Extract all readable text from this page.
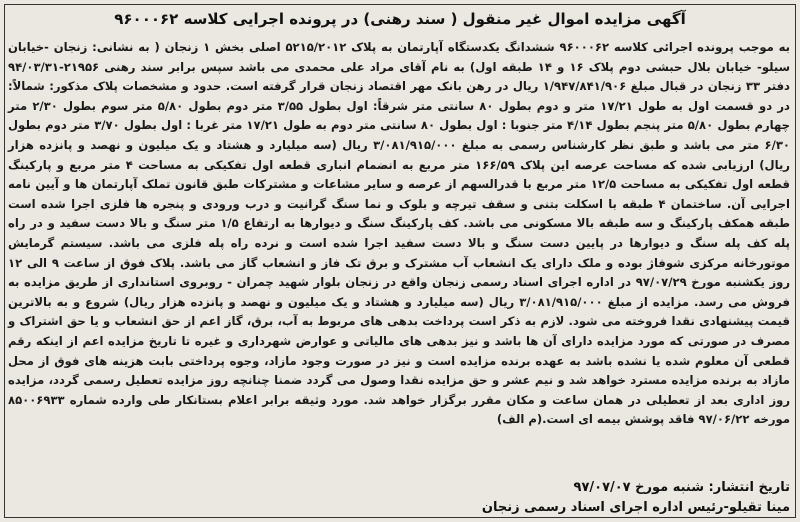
آگهی مزایده اموال غیر منقول ( سند رهنی) در پرونده اجرایی کلاسه ۹۶۰۰۰۶۲

به موجب پرونده اجرائی کلاسه ۹۶۰۰۰۶۲ ششدانگ یکدستگاه آپارتمان به پلاک ۵۲۱۵/۲۰۱۲ اصلی بخش ۱ زنجان ( به نشانی: زنجان -خیابان سیلو- خیابان بلال حبشی دوم پلاک ۱۶ و ۱۴ طبقه اول) به نام آقای مراد علی محمدی می باشد سپس برابر سند رهنی ۲۱۹۵۶-۹۴/۰۳/۳۱ دفتر ۳۳ زنجان در قبال مبلغ ۱/۹۴۷/۸۴۱/۹۰۶ ریال در رهن بانک مهر اقتصاد زنجان قرار گرفته است. حدود و مشخصات پلاک مذکور: شمالاً: در دو قسمت اول به طول ۱۷/۲۱ متر و دوم بطول ۸۰ سانتی متر شرقاً: اول بطول ۳/۵۵ متر دوم بطول ۵/۸۰ متر سوم بطول ۲/۳۰ متر چهارم بطول ۵/۸۰ متر پنجم بطول ۴/۱۴ متر جنوبا : اول بطول ۸۰ سانتی متر دوم به طول ۱۷/۲۱ متر غربا : اول بطول ۳/۷۰ متر دوم بطول ۶/۳۰ متر می باشد و طبق نظر کارشناس رسمی به مبلغ ۳/۰۸۱/۹۱۵/۰۰۰ ریال (سه میلیارد و هشتاد و یک میلیون و نهصد و پانزده هزار ریال) ارزیابی شده که مساحت عرصه این پلاک ۱۶۶/۵۹ متر مربع به انضمام انباری قطعه اول تفکیکی به مساحت ۴ متر مربع و پارکینگ قطعه اول تفکیکی به مساحت ۱۲/۵ متر مربع با قدرالسهم از عرصه و سایر مشاعات و مشترکات طبق قانون تملک آپارتمان ها و آیین نامه اجرایی آن. ساختمان ۴ طبقه با اسکلت بتنی و سقف تیرچه و بلوک و نما سنگ گرانیت و درب ورودی و پنجره ها فلزی اجرا شده است طبقه همکف پارکینگ و سه طبقه بالا مسکونی می باشد. کف پارکینگ سنگ و دیوارها به ارتفاع ۱/۵ متر سنگ و بالا دست سفید و در راه پله کف پله سنگ و دیوارها در پایین دست سنگ و بالا دست سفید اجرا شده است و نرده راه پله فلزی می باشد. سیستم گرمایش موتورخانه مرکزی شوفاژ بوده و ملک دارای یک انشعاب آب مشترک و برق تک فاز و انشعاب گاز می باشد. پلاک فوق از ساعت ۹ الی ۱۲ روز یکشنبه مورخ ۹۷/۰۷/۲۹ در اداره اجرای اسناد رسمی زنجان واقع در زنجان بلوار شهید چمران - روبروی استانداری از طریق مزایده به فروش می رسد. مزایده از مبلغ ۳/۰۸۱/۹۱۵/۰۰۰ ریال (سه میلیارد و هشتاد و یک میلیون و نهصد و پانزده هزار ریال) شروع و به بالاترین قیمت پیشنهادی نقدا فروخته می شود. لازم به ذکر است پرداخت بدهی های مربوط به آب، برق، گاز اعم از حق انشعاب و یا حق اشتراک و مصرف در صورتی که مورد مزایده دارای آن ها باشد و نیز بدهی های مالیاتی و عوارض شهرداری و غیره تا تاریخ مزایده اعم از اینکه رقم قطعی آن معلوم شده یا نشده باشد به عهده برنده مزایده است و نیز در صورت وجود مازاد، وجوه پرداختی بابت هزینه های فوق از محل مازاد به برنده مزایده مسترد خواهد شد و نیم عشر و حق مزایده نقدا وصول می گردد ضمنا چنانچه روز مزایده تعطیل رسمی گردد، مزایده روز اداری بعد از تعطیلی در همان ساعت و مکان مقرر برگزار خواهد شد. مورد وثیقه برابر اعلام بستانکار طی وارده شماره ۸۵۰۰۶۹۳۳ مورخه ۹۷/۰۶/۲۲ فاقد پوشش بیمه ای است.(م الف)

تاریخ انتشار: شنبه مورخ ۹۷/۰۷/۰۷
مینا تقیلو-رئیس اداره اجرای اسناد رسمی زنجان
